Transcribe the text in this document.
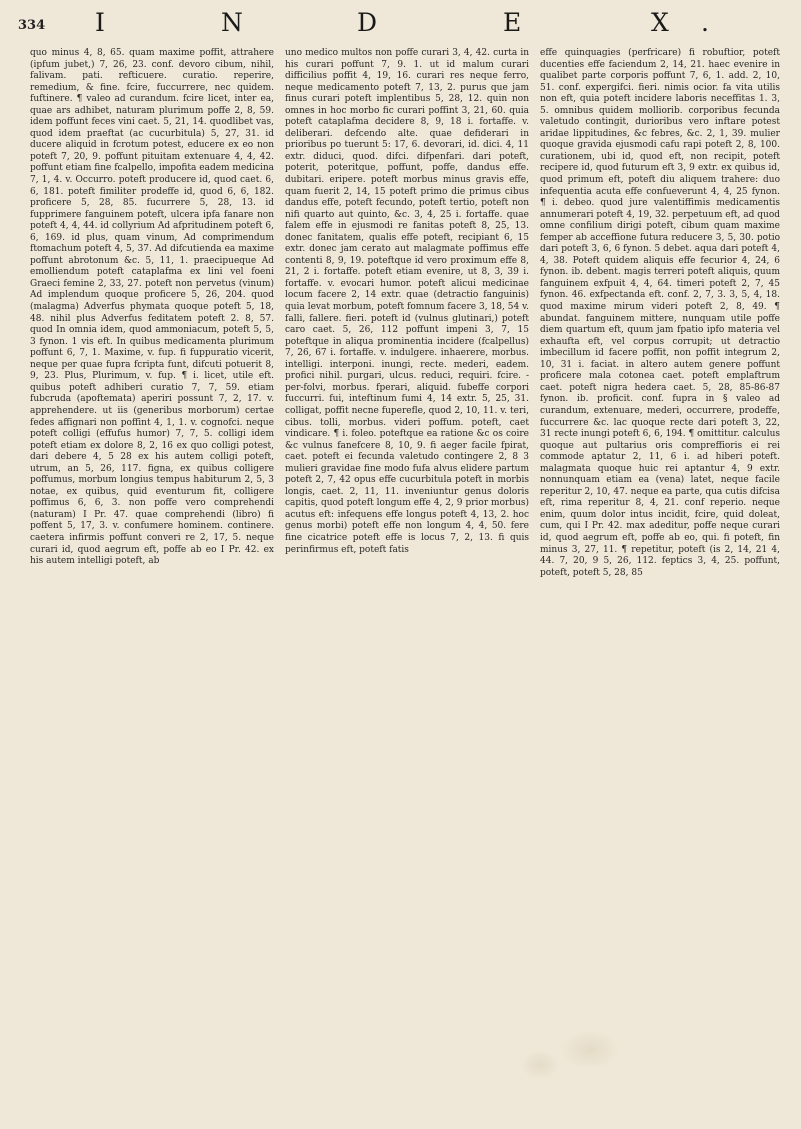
334 I	N	D	E	X .

quo minus 4, 8, 65. quam maxime poffit, attrahere (ipfum jubet,) 7, 26, 23. conf. devoro cibum, nihil, falivam. pati. refticuere. curatio. reperire, remedium, & fine. fcire, fuccurrere, nec quidem. fuftinere. ¶ valeo ad curandum. fcire licet, inter ea, quae ars adhibet, naturam plurimum poffe 2, 8, 59. idem poffunt feces vini caet. 5, 21, 14. quodlibet vas, quod idem praeftat (ac cucurbitula) 5, 27, 31. id ducere aliquid in fcrotum potest, educere ex eo non poteft 7, 20, 9. poffunt pituitam extenuare 4, 4, 42. poffunt etiam fine fcalpello, impofita eadem medicina 7, 1, 4. v. Occurro. poteft producere id, quod caet. 6, 6, 181. poteft fimiliter prodeffe id, quod 6, 6, 182. proficere 5, 28, 85. fucurrere 5, 28, 13. id fupprimere fanguinem poteft, ulcera ipfa fanare non poteft 4, 4, 44. id collyrium Ad afpritudinem poteft 6, 6, 169. id plus, quam vinum, Ad comprimendum ftomachum poteft 4, 5, 37. Ad difcutienda ea maxime poffunt abrotonum &c. 5, 11, 1. praecipueque Ad emolliendum poteft cataplafma ex lini vel foeni Graeci femine 2, 33, 27. poteft non pervetus (vinum) Ad implendum quoque proficere 5, 26, 204. quod (malagma) Adverfus phymata quoque poteft 5, 18, 48. nihil plus Adverfus feditatem poteft 2. 8, 57. quod In omnia idem, quod ammoniacum, poteft 5, 5, 3 fynon. 1 vis eft. In quibus medicamenta plurimum poffunt 6, 7, 1. Maxime, v. fup. fi fuppuratio vicerit, neque per quae fupra fcripta funt, difcuti potuerit 8, 9, 23. Plus, Plurimum, v. fup. ¶ i. licet, utile eft. quibus poteft adhiberi curatio 7, 7, 59. etiam fubcruda (apoftemata) aperiri possunt 7, 2, 17. v. apprehendere. ut iis (generibus morborum) certae fedes affignari non poffint 4, 1, 1. v. cognofci. neque poteft colligi (effufus humor) 7, 7, 5. colligi idem poteft etiam ex dolore 8, 2, 16 ex quo colligi potest, dari debere 4, 5 28 ex his autem colligi poteft, utrum, an 5, 26, 117. figna, ex quibus colligere poffumus, morbum longius tempus habiturum 2, 5, 3 notae, ex quibus, quid eventurum fit, colligere poffimus 6, 6, 3. non poffe vero comprehendi (naturam) I Pr. 47. quae comprehendi (libro) fi poffent 5, 17, 3. v. confumere hominem. continere. caetera infirmis poffunt converi re 2, 17, 5. neque curari id, quod aegrum eft, poffe ab eo I Pr. 42. ex his autem intelligi poteft, ab

uno medico multos non poffe curari 3, 4, 42. curta in his curari poffunt 7, 9. 1. ut id malum curari difficilius poffit 4, 19, 16. curari res neque ferro, neque medicamento poteft 7, 13, 2. purus que jam finus curari poteft implentibus 5, 28, 12. quin non omnes in hoc morbo fic curari poffint 3, 21, 60. quia poteft cataplafma decidere 8, 9, 18 i. fortaffe. v. deliberari. defcendo alte. quae defiderari in prioribus po tuerunt 5: 17, 6. devorari, id. dici. 4, 11 extr. diduci, quod. difci. difpenfari. dari poteft, poterit, poteritque, poffunt, poffe, dandus effe. dubitari. eripere. poteft morbus minus gravis effe, quam fuerit 2, 14, 15 poteft primo die primus cibus dandus effe, poteft fecundo, poteft tertio, poteft non nifi quarto aut quinto, &c. 3, 4, 25 i. fortaffe. quae falem effe in ejusmodi re fanitas poteft 8, 25, 13. donec fanitatem, qualis effe poteft, recipiant 6, 15 extr. donec jam cerato aut malagmate poffimus effe contenti 8, 9, 19. poteftque id vero proximum effe 8, 21, 2 i. fortaffe. poteft etiam evenire, ut 8, 3, 39 i. fortaffe. v. evocari humor. poteft alicui medicinae locum facere 2, 14 extr. quae (detractio fanguinis) quia levat morbum, poteft fomnum facere 3, 18, 54 v. falli, fallere. fieri. poteft id (vulnus glutinari,) poteft caro caet. 5, 26, 112 poffunt impeni 3, 7, 15 poteftque in aliqua prominentia incidere (fcalpellus) 7, 26, 67 i. fortaffe. v. indulgere. inhaerere, morbus. intelligi. interponi. inungi, recte. mederi, eadem. profici nihil. purgari, ulcus. reduci, requiri. fcire. -per-folvi, morbus. fperari, aliquid. fubeffe corpori fuccurri. fui, inteftinum fumi 4, 14 extr. 5, 25, 31. colligat, poffit necne fuperefle, quod 2, 10, 11. v. teri, cibus. tolli, morbus. videri poffum. poteft, caet vindicare. ¶ i. foleo. poteftque ea ratione &c os coire &c vulnus fanefcere 8, 10, 9. fi aeger facile fpirat, caet. poteft ei fecunda valetudo contingere 2, 8 3 mulieri gravidae fine modo fufa alvus elidere partum poteft 2, 7, 42 opus effe cucurbitula poteft in morbis longis, caet. 2, 11, 11. inveniuntur genus doloris capitis, quod poteft longum effe 4, 2, 9 prior morbus) acutus eft: infequens effe longus poteft 4, 13, 2. hoc genus morbi) poteft effe non longum 4, 4, 50. fere fine cicatrice poteft effe is locus 7, 2, 13. fi quis perinfirmus eft, poteft fatis

effe quinquagies (perfricare) fi robuftior, poteft ducenties effe faciendum 2, 14, 21. haec evenire in qualibet parte corporis poffunt 7, 6, 1. add. 2, 10, 51. conf. expergifci. fieri. nimis ocior. fa vita utilis non eft, quia poteft incidere laboris neceffitas 1. 3, 5. omnibus quidem molliorib. corporibus fecunda valetudo contingit, durioribus vero inftare potest aridae lippitudines, &c febres, &c. 2, 1, 39. mulier quoque gravida ejusmodi cafu rapi poteft 2, 8, 100. curationem, ubi id, quod eft, non recipit, poteft recipere id, quod futurum eft 3, 9 extr. ex quibus id, quod primum eft, poteft diu aliquem trahere: duo infequentia acuta effe confueverunt 4, 4, 25 fynon. ¶ i. debeo. quod jure valentiffimis medicamentis annumerari poteft 4, 19, 32. perpetuum eft, ad quod omne confilium dirigi poteft, cibum quam maxime femper ab acceffione futura reducere 3, 5, 30. potio dari poteft 3, 6, 6 fynon. 5 debet. aqua dari poteft 4, 4, 38. Poteft quidem aliquis effe fecurior 4, 24, 6 fynon. ib. debent. magis terreri poteft aliquis, quum fanguinem exfpuit 4, 4, 64. timeri poteft 2, 7, 45 fynon. 46. exfpectanda eft. conf. 2, 7, 3. 3, 5, 4, 18. quod maxime mirum videri poteft 2, 8, 49. ¶ abundat. fanguinem mittere, nunquam utile poffe diem quartum eft, quum jam fpatio ipfo materia vel exhaufta eft, vel corpus corrupit; ut detractio imbecillum id facere poffit, non poffit integrum 2, 10, 31 i. faciat. in altero autem genere poffunt proficere mala cotonea caet. poteft emplaftrum caet. poteft nigra hedera caet. 5, 28, 85-86-87 fynon. ib. proficit. conf. fupra in § valeo ad curandum, extenuare, mederi, occurrere, prodeffe, fuccurrere &c. lac quoque recte dari poteft 3, 22, 31 recte inungi poteft 6, 6, 194. ¶ omittitur. calculus quoque aut pultarius oris compreffioris ei rei commode aptatur 2, 11, 6 i. ad hiberi poteft. malagmata quoque huic rei aptantur 4, 9 extr. nonnunquam etiam ea (vena) latet, neque facile reperitur 2, 10, 47. neque ea parte, qua cutis difcisa eft, rima reperitur 8, 4, 21. conf reperio. neque enim, quum dolor intus incidit, fcire, quid doleat, cum, qui I Pr. 42. max adeditur, poffe neque curari id, quod aegrum eft, poffe ab eo, qui. fi poteft, fin minus 3, 27, 11. ¶ repetitur, poteft (is 2, 14, 21 4, 44. 7, 20, 9 5, 26, 112. feptics 3, 4, 25. poffunt, poteft, poteft 5, 28, 85
